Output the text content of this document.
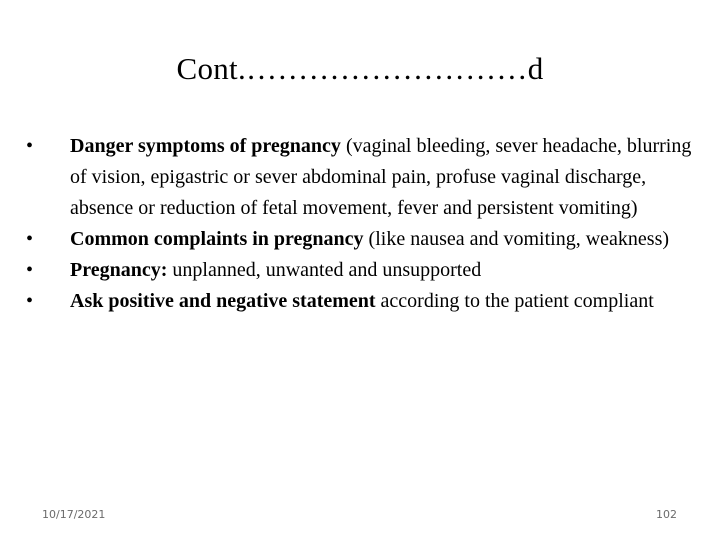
Cont.………………………d
• Danger symptoms of pregnancy (vaginal bleeding, sever headache, blurring of vision, epigastric or sever abdominal pain, profuse vaginal discharge, absence or reduction of fetal movement, fever and persistent vomiting)
• Common complaints in pregnancy (like nausea and vomiting, weakness)
• Pregnancy: unplanned, unwanted and unsupported
• Ask positive and negative statement according to the patient compliant
10/17/2021	102
